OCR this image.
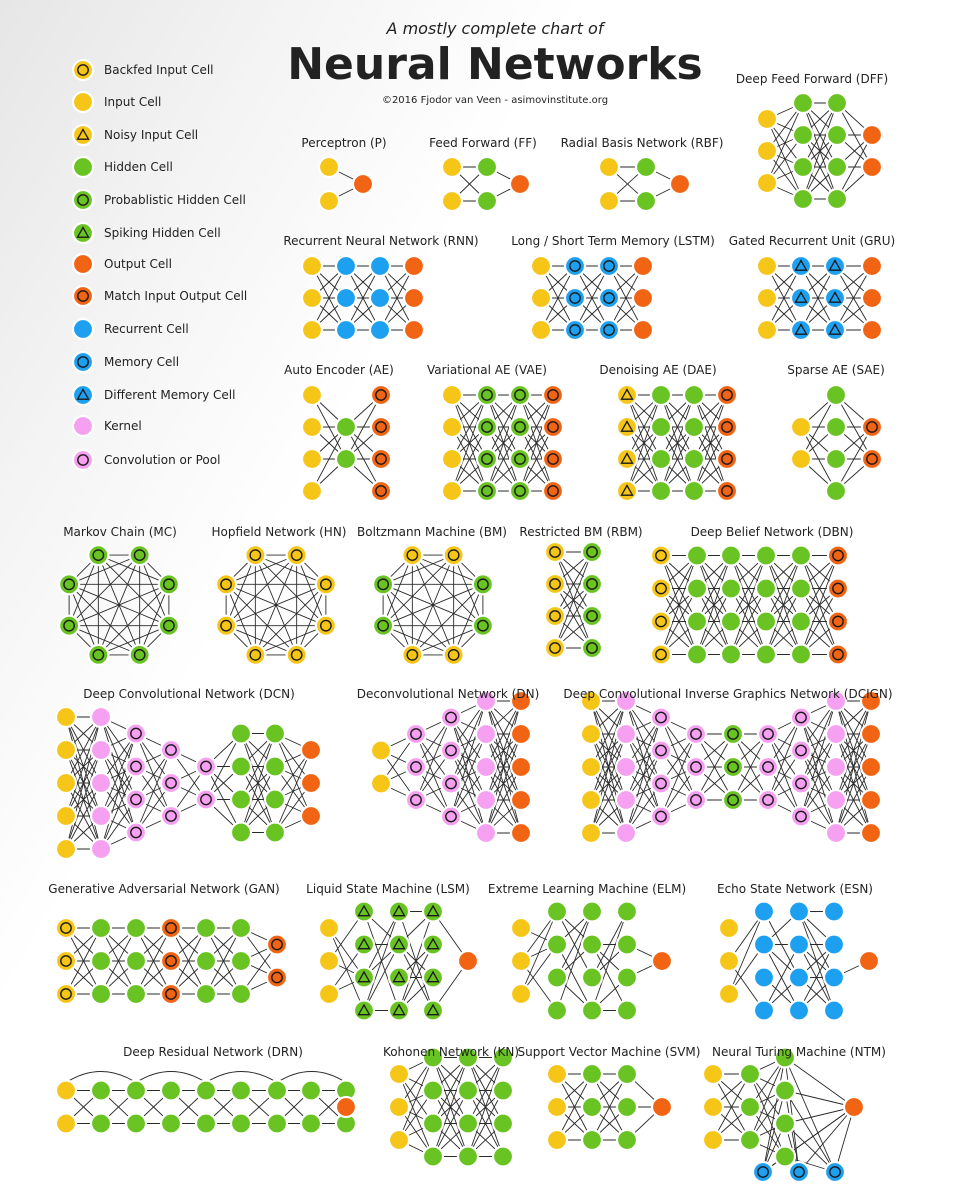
A mostly complete chart of
Neural Networks
©2016 Fjodor van Veen - asimovinstitute.org
Backfed Input Cell
Input Cell
Noisy Input Cell
Hidden Cell
Probablistic Hidden Cell
Spiking Hidden Cell
Output Cell
Match Input Output Cell
Recurrent Cell
Memory Cell
Different Memory Cell
Kernel
Convolution or Pool
Perceptron (P)	Feed Forward (FF) Radial Basis Network (RBF)
Deep Feed Forward (DFF)
Recurrent Neural Network (RNN)	Long / Short Term Memory (LSTM) Gated Recurrent Unit (GRU)
Auto Encoder (AE)	Variational AE (VAE)	Denoising AE (DAE)	Sparse AE (SAE)
Markov Chain (MC)	Hopfield Network (HN) Boltzmann Machine (BM) Restricted BM (RBM)	Deep Belief Network (DBN)
Deep Convolutional Network (DCN)	Deconvolutional Network (DN) Deep Convolutional Inverse Graphics Network (DCIGN)
Generative Adversarial Network (GAN) Liquid State Machine (LSM) Extreme Learning Machine (ELM)	Echo State Network (ESN)
Deep Residual Network (DRN)	Kohonen Network (KN)
Support Vector Machine (SVM) Neural Turing Machine (NTM)
